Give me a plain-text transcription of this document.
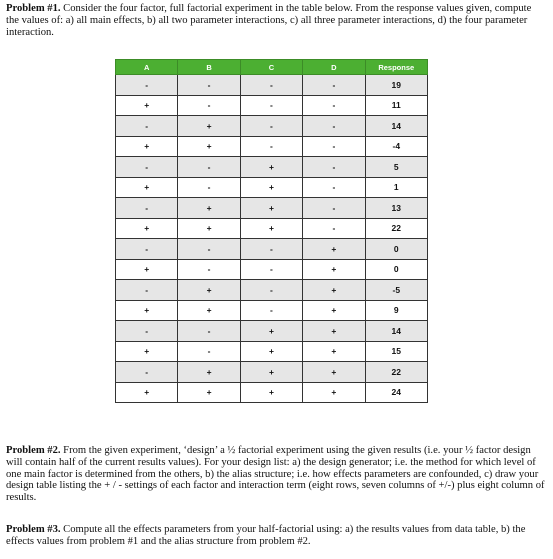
Problem #1. Consider the four factor, full factorial experiment in the table below. From the response values given, compute the values of: a) all main effects, b) all two parameter interactions, c) all three parameter interactions, d) the four parameter interaction.
A	B	C	D	Response
-	-	-	-	19
+	-	-	-	11
-	+	-	-	14
+	+	-	-	-4
-	-	+	-	5
+	-	+	-	1
-	+	+	-	13
+	+	+	-	22
-	-	-	+	0
+	-	-	+	0
-	+	-	+	-5
+	+	-	+	9
-	-	+	+	14
+	-	+	+	15
-	+	+	+	22
+	+	+	+	24
Problem #2. From the given experiment, ‘design’ a ½ factorial experiment using the given results (i.e. your ½ factor design will contain half of the current results values). For your design list: a) the design generator; i.e. the method for which level of one main factor is determined from the others, b) the alias structure; i.e. how effects parameters are confounded, c) draw your design table listing the + / - settings of each factor and interaction term (eight rows, seven columns of +/-) plus eight column of results.
Problem #3. Compute all the effects parameters from your half-factorial using: a) the results values from data table, b) the effects values from problem #1 and the alias structure from problem #2.
